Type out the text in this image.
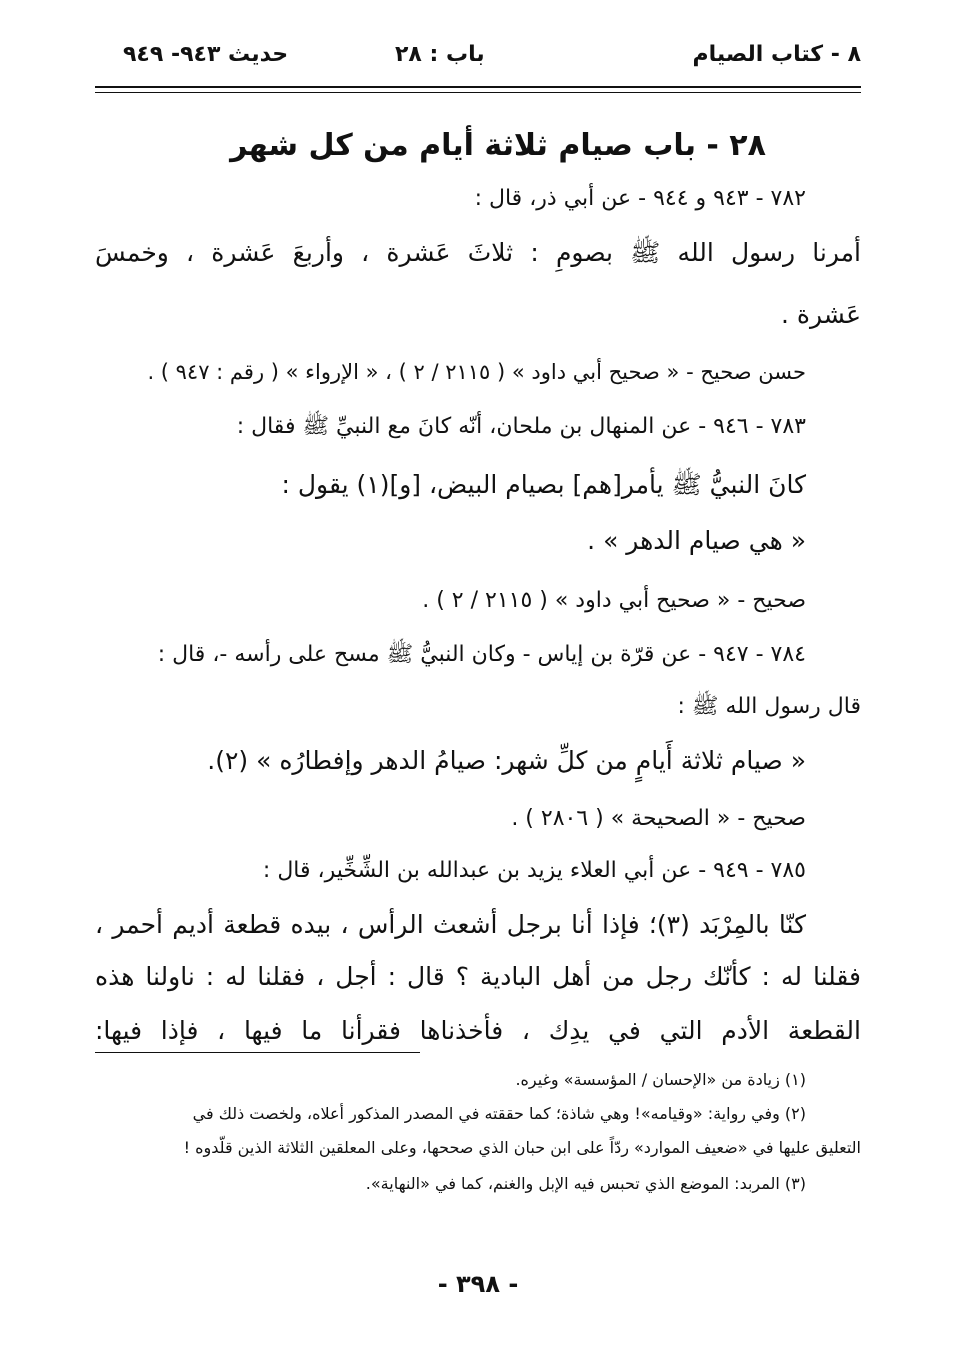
٨ - كتاب الصيام
باب : ٢٨
حديث ٩٤٣- ٩٤٩
٢٨ - باب صيام ثلاثة أيام من كل شهر
٧٨٢ - ٩٤٣ و ٩٤٤ - عن أبي ذر، قال :
أمرنا رسول الله ﷺ بصومِ : ثلاثَ عَشرة ، وأربعَ عَشرة ، وخمسَ
عَشرة .
حسن صحيح - « صحيح أبي داود » ( ٢١١٥ / ٢ ) ، « الإرواء » ( رقم : ٩٤٧ ) .
٧٨٣ - ٩٤٦ - عن المنهال بن ملحان، أنّه كانَ مع النبيِّ ﷺ فقال :
كانَ النبيُّ ﷺ يأمر[هم] بصيام البيض، [و](١) يقول :
« هي صيام الدهر » .
صحيح - « صحيح أبي داود » ( ٢١١٥ / ٢ ) .
٧٨٤ - ٩٤٧ - عن قرّة بن إياس - وكان النبيُّ ﷺ مسح على رأسه -، قال :
قال رسول الله ﷺ :
« صيام ثلاثة أَيامٍ من كلِّ شهر: صيامُ الدهر وإفطارُه » (٢).
صحيح - « الصحيحة » ( ٢٨٠٦ ) .
٧٨٥ - ٩٤٩ - عن أبي العلاء يزيد بن عبدالله بن الشِّخِّير، قال :
كنّا بالمِرْبَد (٣)؛ فإذا أنا برجل أشعث الرأس ، بيده قطعة أديم أحمر ،
فقلنا له : كأنّك رجل من أهل البادية ؟ قال : أجل ، فقلنا له : ناولنا هذه
القطعة الأدم التي في يدِك ، فأخذناها فقرأنا ما فيها ، فإذا فيها:
(١) زيادة من «الإحسان / المؤسسة» وغيره.
(٢) وفي رواية: «وقيامه»! وهي شاذة؛ كما حققته في المصدر المذكور أعلاه، ولخصت ذلك في
التعليق عليها في «ضعيف الموارد» ردّاً على ابن حبان الذي صححها، وعلى المعلقين الثلاثة الذين قلّدوه !
(٣) المربد: الموضع الذي تحبس فيه الإبل والغنم، كما في «النهاية».
- ٣٩٨ -
